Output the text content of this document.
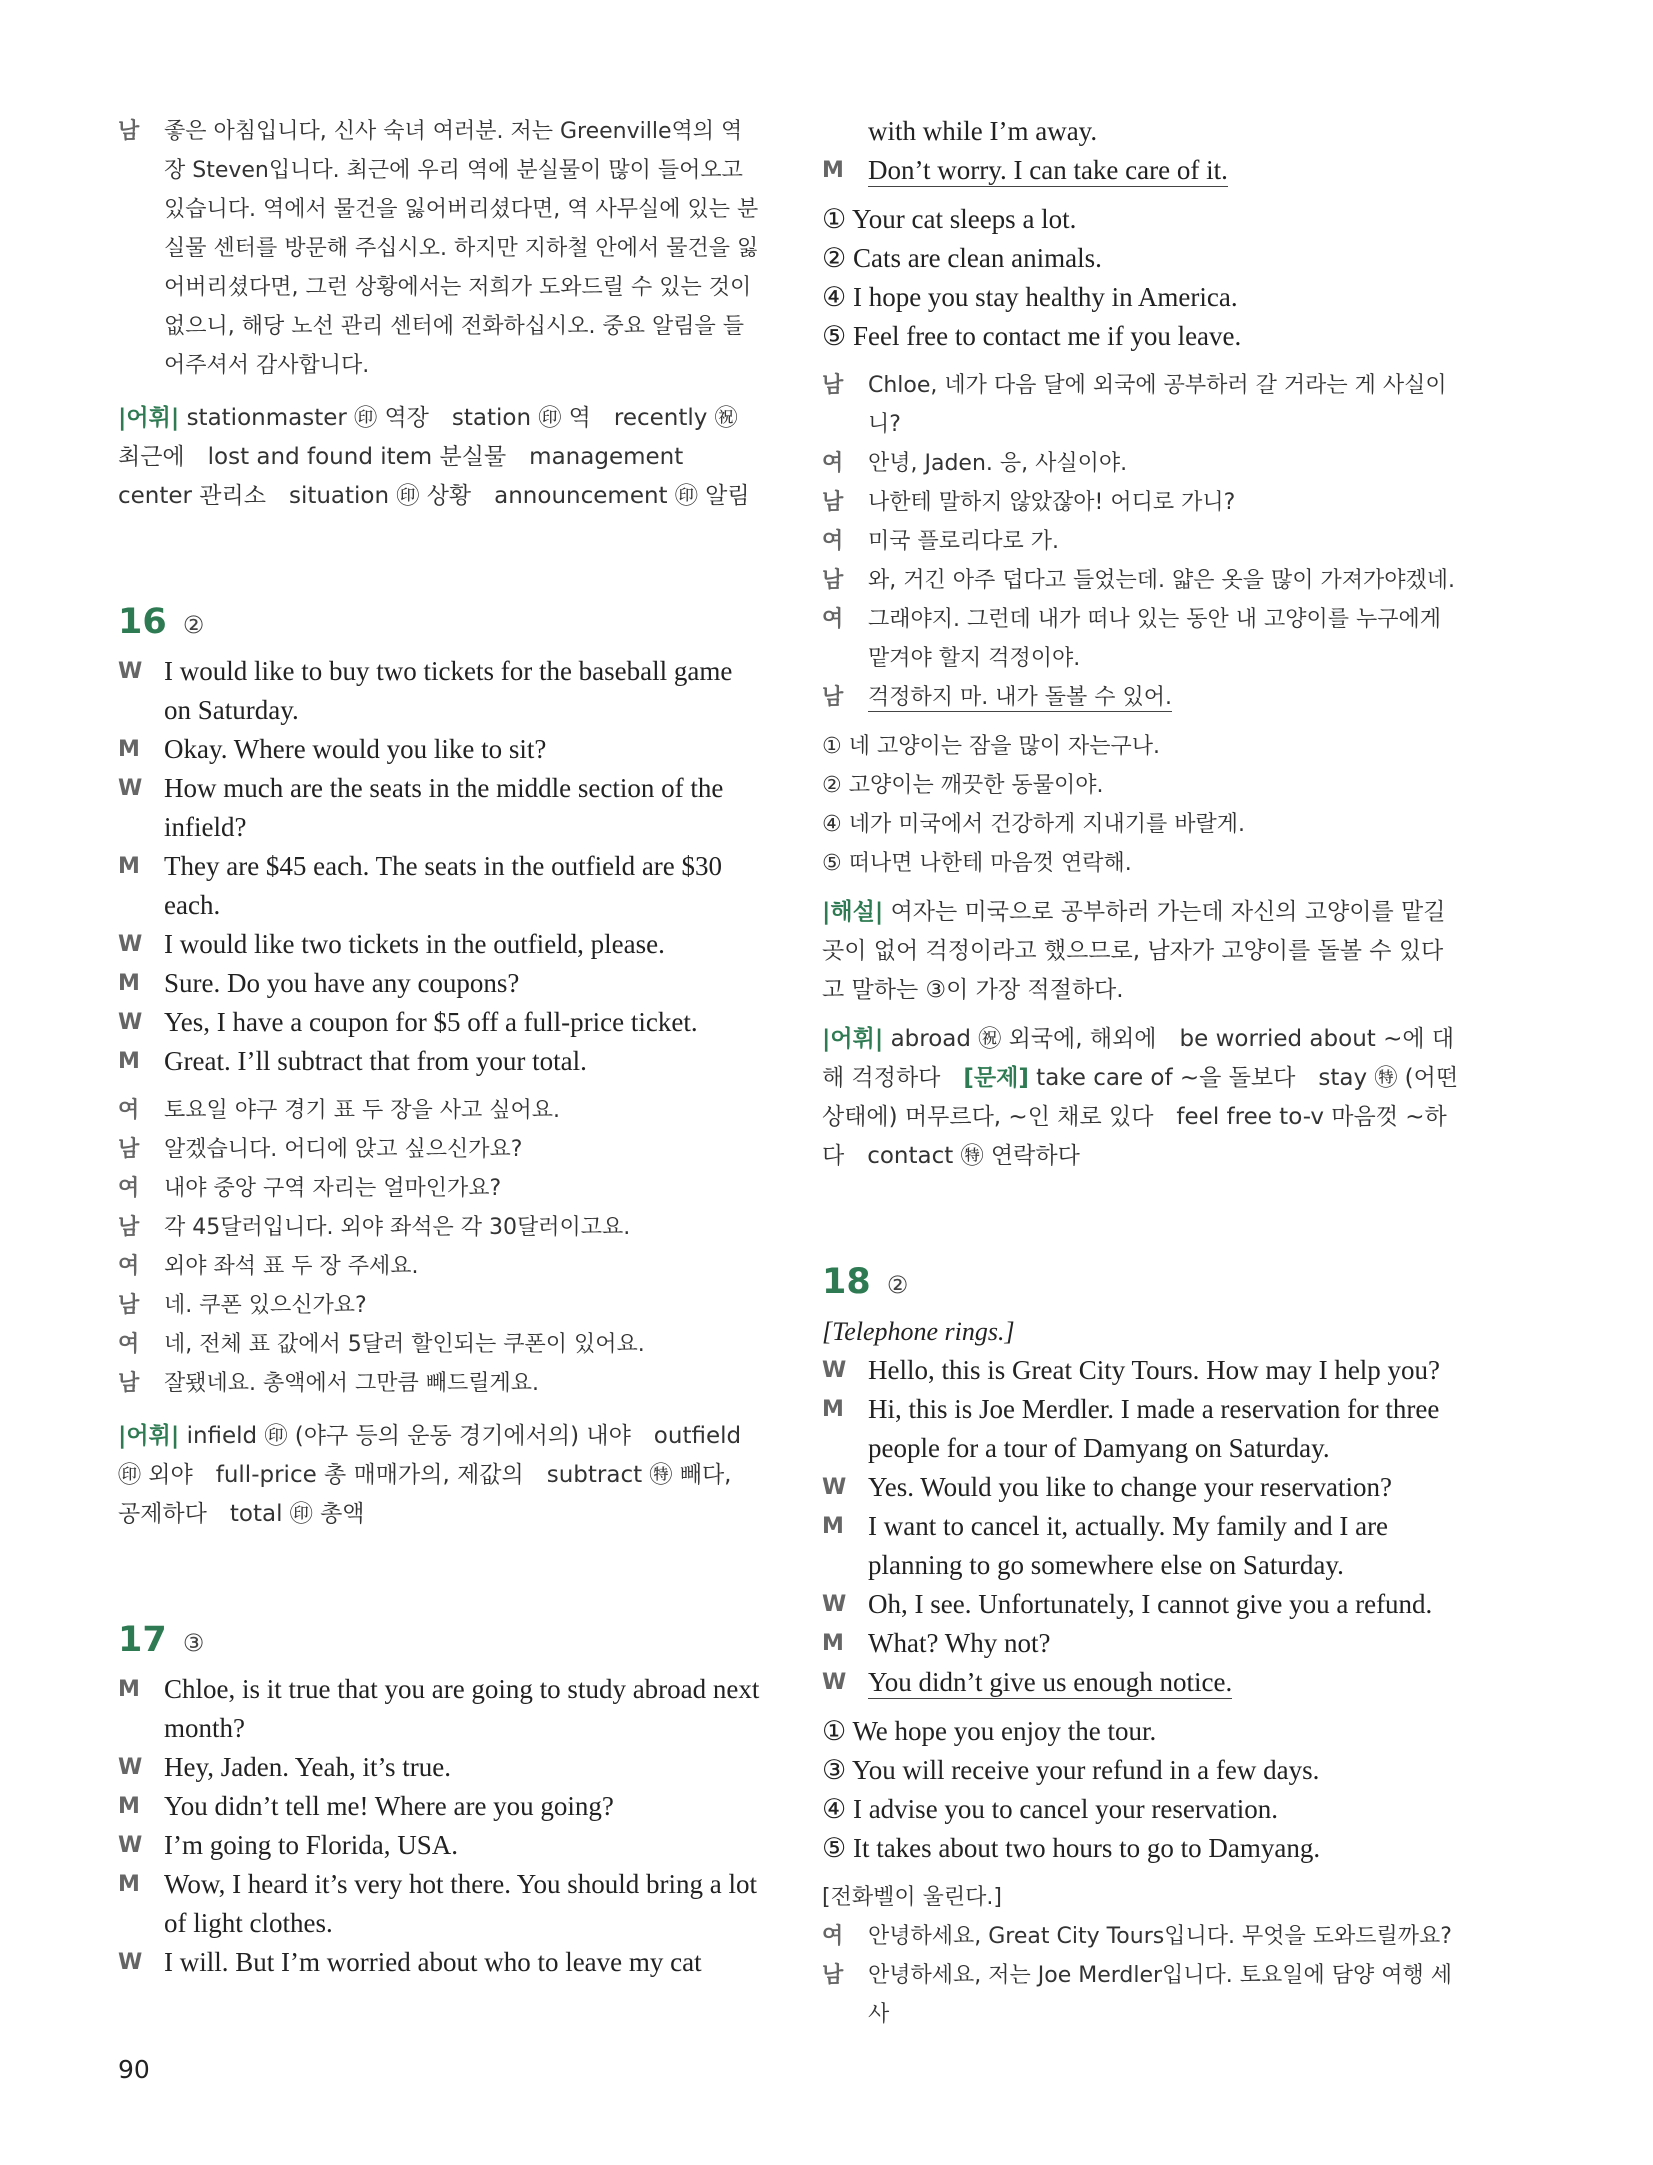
남 좋은 아침입니다, 신사 숙녀 여러분. 저는 Greenville역의 역장 Steven입니다. 최근에 우리 역에 분실물이 많이 들어오고 있습니다. 역에서 물건을 잃어버리셨다면, 역 사무실에 있는 분실물 센터를 방문해 주십시오. 하지만 지하철 안에서 물건을 잃어버리셨다면, 그런 상황에서는 저희가 도와드릴 수 있는 것이 없으니, 해당 노선 관리 센터에 전화하십시오. 중요 알림을 들어주셔서 감사합니다.
|어휘| stationmaster ㊞ 역장　station ㊞ 역　recently ㊗ 최근에　lost and found item 분실물　management center 관리소　situation ㊞ 상황　announcement ㊞ 알림
16 ②
W I would like to buy two tickets for the baseball game on Saturday.
M Okay. Where would you like to sit?
W How much are the seats in the middle section of the infield?
M They are $45 each. The seats in the outfield are $30 each.
W I would like two tickets in the outfield, please.
M Sure. Do you have any coupons?
W Yes, I have a coupon for $5 off a full-price ticket.
M Great. I’ll subtract that from your total.
여 토요일 야구 경기 표 두 장을 사고 싶어요.
남 알겠습니다. 어디에 앉고 싶으신가요?
여 내야 중앙 구역 자리는 얼마인가요?
남 각 45달러입니다. 외야 좌석은 각 30달러이고요.
여 외야 좌석 표 두 장 주세요.
남 네. 쿠폰 있으신가요?
여 네, 전체 표 값에서 5달러 할인되는 쿠폰이 있어요.
남 잘됐네요. 총액에서 그만큼 빼드릴게요.
|어휘| infield ㊞ (야구 등의 운동 경기에서의) 내야　outfield ㊞ 외야　full-price 총 매매가의, 제값의　subtract ㊕ 빼다, 공제하다　total ㊞ 총액
17 ③
M Chloe, is it true that you are going to study abroad next month?
W Hey, Jaden. Yeah, it’s true.
M You didn’t tell me! Where are you going?
W I’m going to Florida, USA.
M Wow, I heard it’s very hot there. You should bring a lot of light clothes.
W I will. But I’m worried about who to leave my cat
with while I’m away.
M Don’t worry. I can take care of it.
① Your cat sleeps a lot.
② Cats are clean animals.
④ I hope you stay healthy in America.
⑤ Feel free to contact me if you leave.
남 Chloe, 네가 다음 달에 외국에 공부하러 갈 거라는 게 사실이니?
여 안녕, Jaden. 응, 사실이야.
남 나한테 말하지 않았잖아! 어디로 가니?
여 미국 플로리다로 가.
남 와, 거긴 아주 덥다고 들었는데. 얇은 옷을 많이 가져가야겠네.
여 그래야지. 그런데 내가 떠나 있는 동안 내 고양이를 누구에게 맡겨야 할지 걱정이야.
남 걱정하지 마. 내가 돌볼 수 있어.
① 네 고양이는 잠을 많이 자는구나.
② 고양이는 깨끗한 동물이야.
④ 네가 미국에서 건강하게 지내기를 바랄게.
⑤ 떠나면 나한테 마음껏 연락해.
|해설| 여자는 미국으로 공부하러 가는데 자신의 고양이를 맡길 곳이 없어 걱정이라고 했으므로, 남자가 고양이를 돌볼 수 있다고 말하는 ③이 가장 적절하다.
|어휘| abroad ㊗ 외국에, 해외에　be worried about ~에 대해 걱정하다　[문제] take care of ~을 돌보다　stay ㊕ (어떤 상태에) 머무르다, ~인 채로 있다　feel free to-v 마음껏 ~하다　contact ㊕ 연락하다
18 ②
[Telephone rings.]
W Hello, this is Great City Tours. How may I help you?
M Hi, this is Joe Merdler. I made a reservation for three people for a tour of Damyang on Saturday.
W Yes. Would you like to change your reservation?
M I want to cancel it, actually. My family and I are planning to go somewhere else on Saturday.
W Oh, I see. Unfortunately, I cannot give you a refund.
M What? Why not?
W You didn’t give us enough notice.
① We hope you enjoy the tour.
③ You will receive your refund in a few days.
④ I advise you to cancel your reservation.
⑤ It takes about two hours to go to Damyang.
[전화벨이 울린다.]
여 안녕하세요, Great City Tours입니다. 무엇을 도와드릴까요?
남 안녕하세요, 저는 Joe Merdler입니다. 토요일에 담양 여행 세 사
90
